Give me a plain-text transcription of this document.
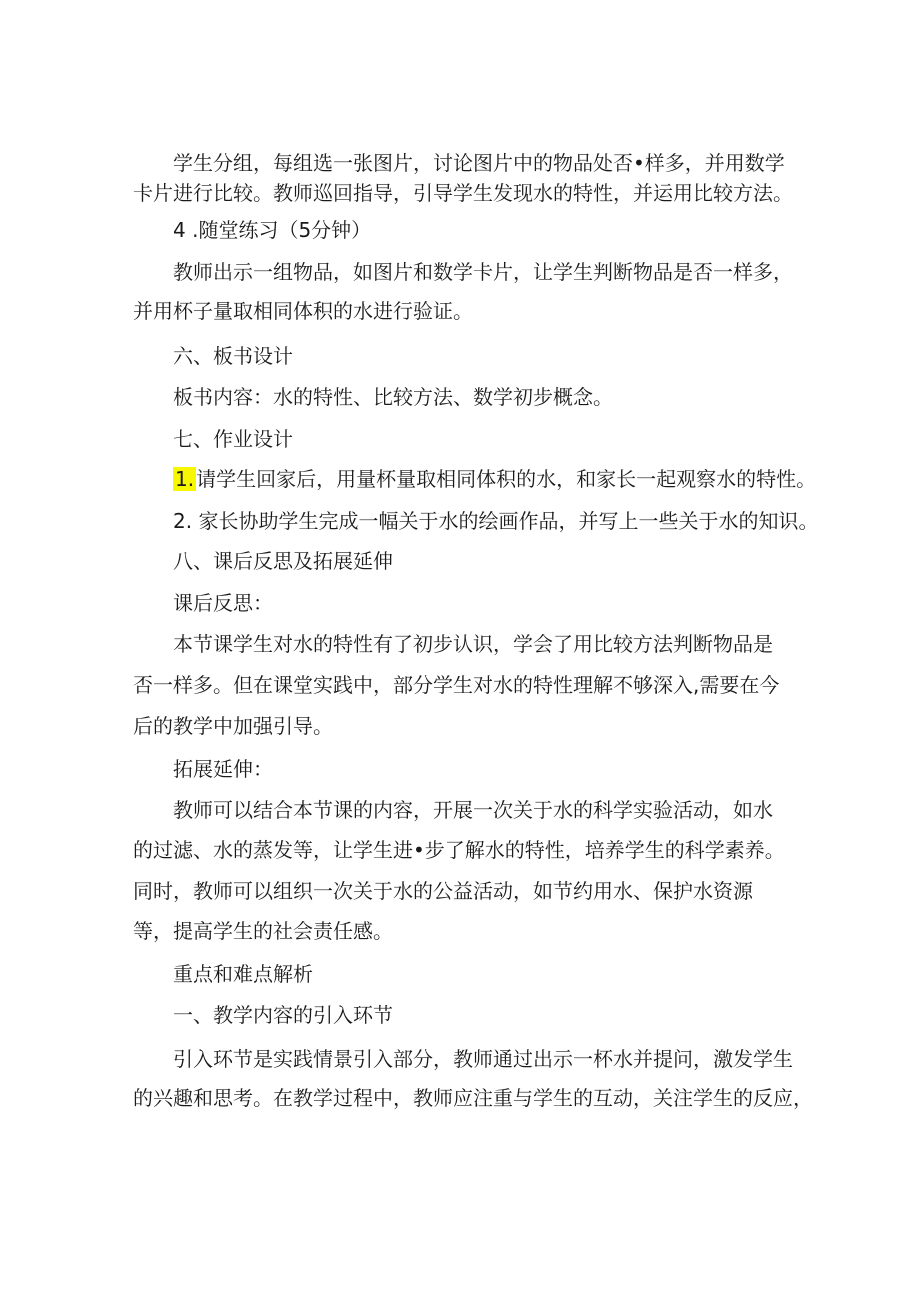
学生分组，每组选一张图片，讨论图片中的物品处否•样多，并用数学
卡片进行比较。教师巡回指导，引导学生发现水的特性，并运用比较方法。
4 .随堂练习（5分钟）
教师出示一组物品，如图片和数学卡片，让学生判断物品是否一样多，
并用杯子量取相同体积的水进行验证。
六、板书设计
板书内容：水的特性、比较方法、数学初步概念。
七、作业设计
1. 请学生回家后，用量杯量取相同体积的水，和家长一起观察水的特性。
2. 家长协助学生完成一幅关于水的绘画作品，并写上一些关于水的知识。
八、课后反思及拓展延伸
课后反思：
本节课学生对水的特性有了初步认识，学会了用比较方法判断物品是
否一样多。但在课堂实践中，部分学生对水的特性理解不够深入,需要在今
后的教学中加强引导。
拓展延伸：
教师可以结合本节课的内容，开展一次关于水的科学实验活动，如水
的过滤、水的蒸发等，让学生进•步了解水的特性，培养学生的科学素养。
同时，教师可以组织一次关于水的公益活动，如节约用水、保护水资源
等，提高学生的社会责任感。
重点和难点解析
一、教学内容的引入环节
引入环节是实践情景引入部分，教师通过出示一杯水并提问，激发学生
的兴趣和思考。在教学过程中，教师应注重与学生的互动，关注学生的反应，
